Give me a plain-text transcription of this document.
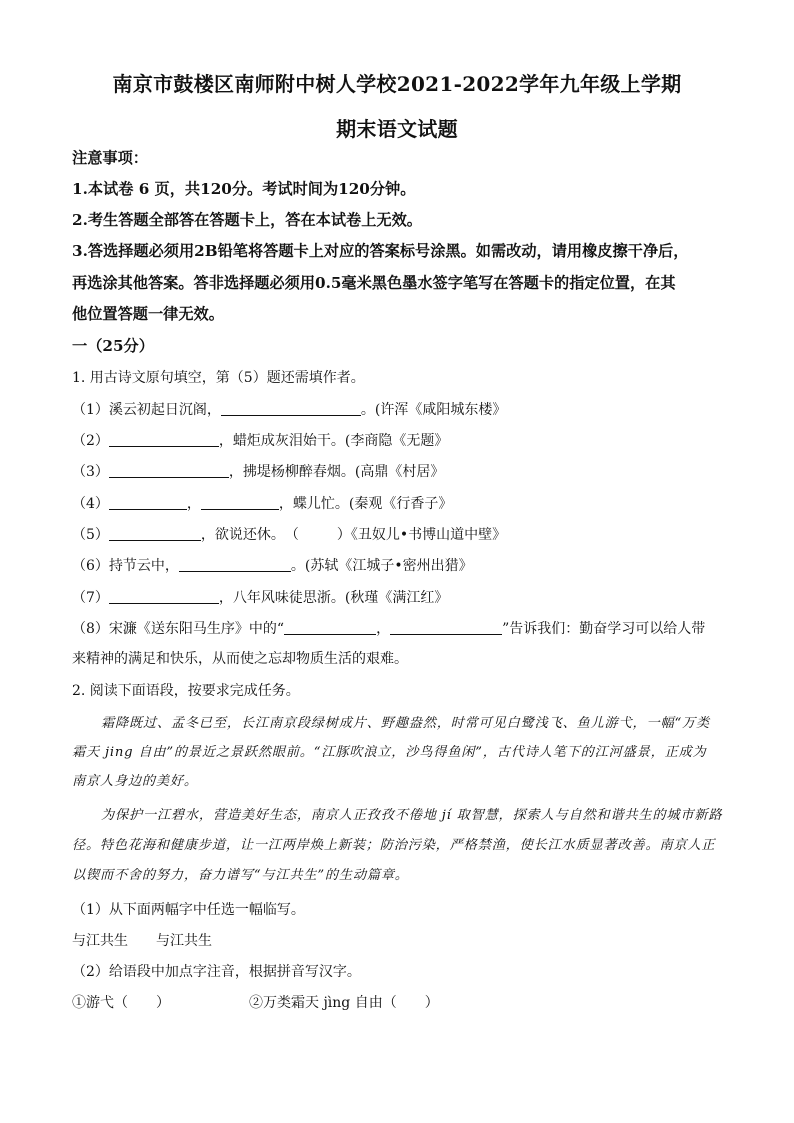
南京市鼓楼区南师附中树人学校2021-2022学年九年级上学期
期末语文试题
注意事项：
1.本试卷 6 页，共120分。考试时间为120分钟。
2.考生答题全部答在答题卡上，答在本试卷上无效。
3.答选择题必须用2B铅笔将答题卡上对应的答案标号涂黑。如需改动，请用橡皮擦干净后，
再选涂其他答案。答非选择题必须用0.5毫米黑色墨水签字笔写在答题卡的指定位置，在其
他位置答题一律无效。
一（25分）
1. 用古诗文原句填空，第（5）题还需填作者。
（1）溪云初起日沉阁，	。(许浑《咸阳城东楼》
（2）	，蜡炬成灰泪始干。(李商隐《无题》
（3）	，拂堤杨柳醉春烟。(高鼎《村居》
（4）	，	，蝶儿忙。(秦观《行香子》
（5）	，欲说还休。　（	）《丑奴儿•书博山道中壁》
（6）持节云中，	。(苏轼《江城子•密州出猎》
（7）	，八年风味徒思浙。(秋瑾《满江红》
（8）宋濂《送东阳马生序》中的“	，	”告诉我们：勤奋学习可以给人带
来精神的满足和快乐，从而使之忘却物质生活的艰难。
2. 阅读下面语段，按要求完成任务。
霜降既过、孟冬已至，长江南京段绿树成片、野趣盎然，时常可见白鹭浅飞、鱼儿游弋，一幅“万类
霜天 jing 自由”的景近之景跃然眼前。“江豚吹浪立，沙鸟得鱼闲”，古代诗人笔下的江河盛景，正成为
南京人身边的美好。
为保护一江碧水，营造美好生态，南京人正孜孜不倦地 jí 取智慧，探索人与自然和谐共生的城市新路
径。特色花海和健康步道，让一江两岸焕上新装；防治污染，严格禁渔，使长江水质显著改善。南京人正
以锲而不舍的努力，奋力谱写“与江共生”的生动篇章。
（1）从下面两幅字中任选一幅临写。
与江共生　　与江共生
（2）给语段中加点字注音，根据拼音写汉字。
①游弋（　　）	②万类霜天 jìng 自由（　　）
